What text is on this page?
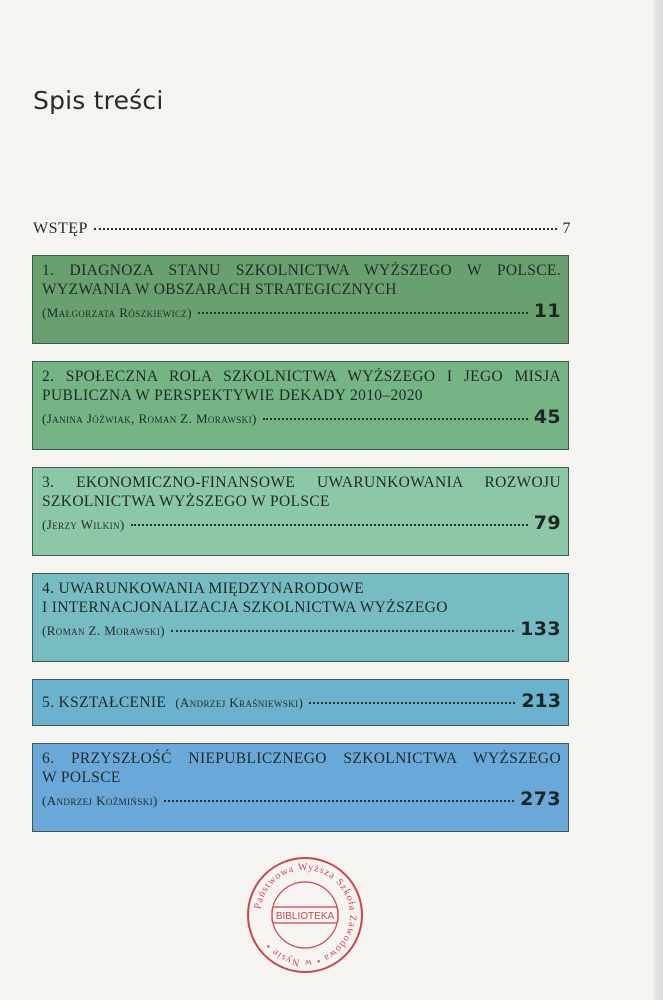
Spis treści
WSTĘP	7
1. DIAGNOZA STANU SZKOLNICTWA WYŻSZEGO W POLSCE.
WYZWANIA W OBSZARACH STRATEGICZNYCH
(Małgorzata Rószkiewicz)	11
2. SPOŁECZNA ROLA SZKOLNICTWA WYŻSZEGO I JEGO MISJA
PUBLICZNA W PERSPEKTYWIE DEKADY 2010–2020
(Janina Jóźwiak, Roman Z. Morawski)	45
3. EKONOMICZNO-FINANSOWE UWARUNKOWANIA ROZWOJU
SZKOLNICTWA WYŻSZEGO W POLSCE
(Jerzy Wilkin)	79
4. UWARUNKOWANIA MIĘDZYNARODOWE
I INTERNACJONALIZACJA SZKOLNICTWA WYŻSZEGO
(Roman Z. Morawski)	133
5. KSZTAŁCENIE (Andrzej Kraśniewski)	213
6. PRZYSZŁOŚĆ NIEPUBLICZNEGO SZKOLNICTWA WYŻSZEGO
W POLSCE
(Andrzej Koźmiński)	273
Państwowa Wyższa Szkoła Zawodowa • w Nysie •
BIBLIOTEKA
